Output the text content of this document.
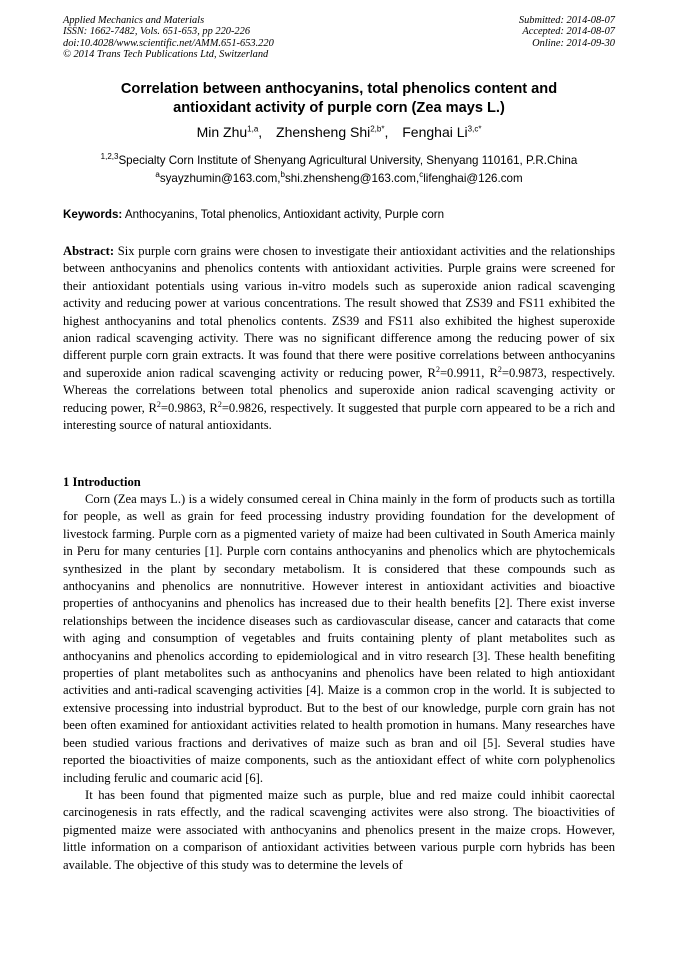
Applied Mechanics and Materials
ISSN: 1662-7482, Vols. 651-653, pp 220-226
doi:10.4028/www.scientific.net/AMM.651-653.220
© 2014 Trans Tech Publications Ltd, Switzerland
Submitted: 2014-08-07
Accepted: 2014-08-07
Online: 2014-09-30
Correlation between anthocyanins, total phenolics content and
antioxidant activity of purple corn (Zea mays L.)
Min Zhu$^{1,a}$, Zhensheng Shi$^{2,b*}$, Fenghai $Li^{3,c*}$
$^{1,2,3}$Specialty Corn Institute of Shenyang Agricultural University, Shenyang 110161, P.R.China
$^a$syayzhumin@163.com,$^b$shi.zhensheng@163.com,$^c$lifenghai@126.com
Keywords: Anthocyanins, Total phenolics, Antioxidant activity, Purple corn
Abstract: Six purple corn grains were chosen to investigate their antioxidant activities and the relationships between anthocyanins and phenolics contents with antioxidant activities. Purple grains were screened for their antioxidant potentials using various in-vitro models such as superoxide anion radical scavenging activity and reducing power at various concentrations. The result showed that ZS39 and FS11 exhibited the highest anthocyanins and total phenolics contents. ZS39 and FS11 also exhibited the highest superoxide anion radical scavenging activity. There was no significant difference among the reducing power of six different purple corn grain extracts. It was found that there were positive correlations between anthocyanins and superoxide anion radical scavenging activity or reducing power, $R^2=0.9911$, $R^2=0.9873$, respectively. Whereas the correlations between total phenolics and superoxide anion radical scavenging activity or reducing power, $R^2=0.9863$, $R^2=0.9826$, respectively. It suggested that purple corn appeared to be a rich and interesting source of natural antioxidants.
1 Introduction

Corn (Zea mays L.) is a widely consumed cereal in China mainly in the form of products such as tortilla for people, as well as grain for feed processing industry providing foundation for the development of livestock farming. Purple corn as a pigmented variety of maize had been cultivated in South America mainly in Peru for many centuries [1]. Purple corn contains anthocyanins and phenolics which are phytochemicals synthesized in the plant by secondary metabolism. It is considered that these compounds such as anthocyanins and phenolics are nonnutritive. However interest in antioxidant activities and bioactive properties of anthocyanins and phenolics has increased due to their health benefits [2]. There exist inverse relationships between the incidence diseases such as cardiovascular disease, cancer and cataracts that come with aging and consumption of vegetables and fruits containing plenty of plant metabolites such as anthocyanins and phenolics according to epidemiological and in vitro research [3]. These health benefiting properties of plant metabolites such as anthocyanins and phenolics have been related to high antioxidant activities and anti-radical scavenging activities [4]. Maize is a common crop in the world. It is subjected to extensive processing into industrial byproduct. But to the best of our knowledge, purple corn grain has not been often examined for antioxidant activities related to health promotion in humans. Many researches have been studied various fractions and derivatives of maize such as bran and oil [5]. Several studies have reported the bioactivities of maize components, such as the antioxidant effect of white corn polyphenolics including ferulic and coumaric acid [6].

It has been found that pigmented maize such as purple, blue and red maize could inhibit caorectal carcinogenesis in rats effectly, and the radical scavenging activites were also strong. The bioactivities of pigmented maize were associated with anthocyanins and phenolics present in the maize crops. However, little information on a comparison of antioxidant activities between various purple corn hybrids has been available. The objective of this study was to determine the levels of
